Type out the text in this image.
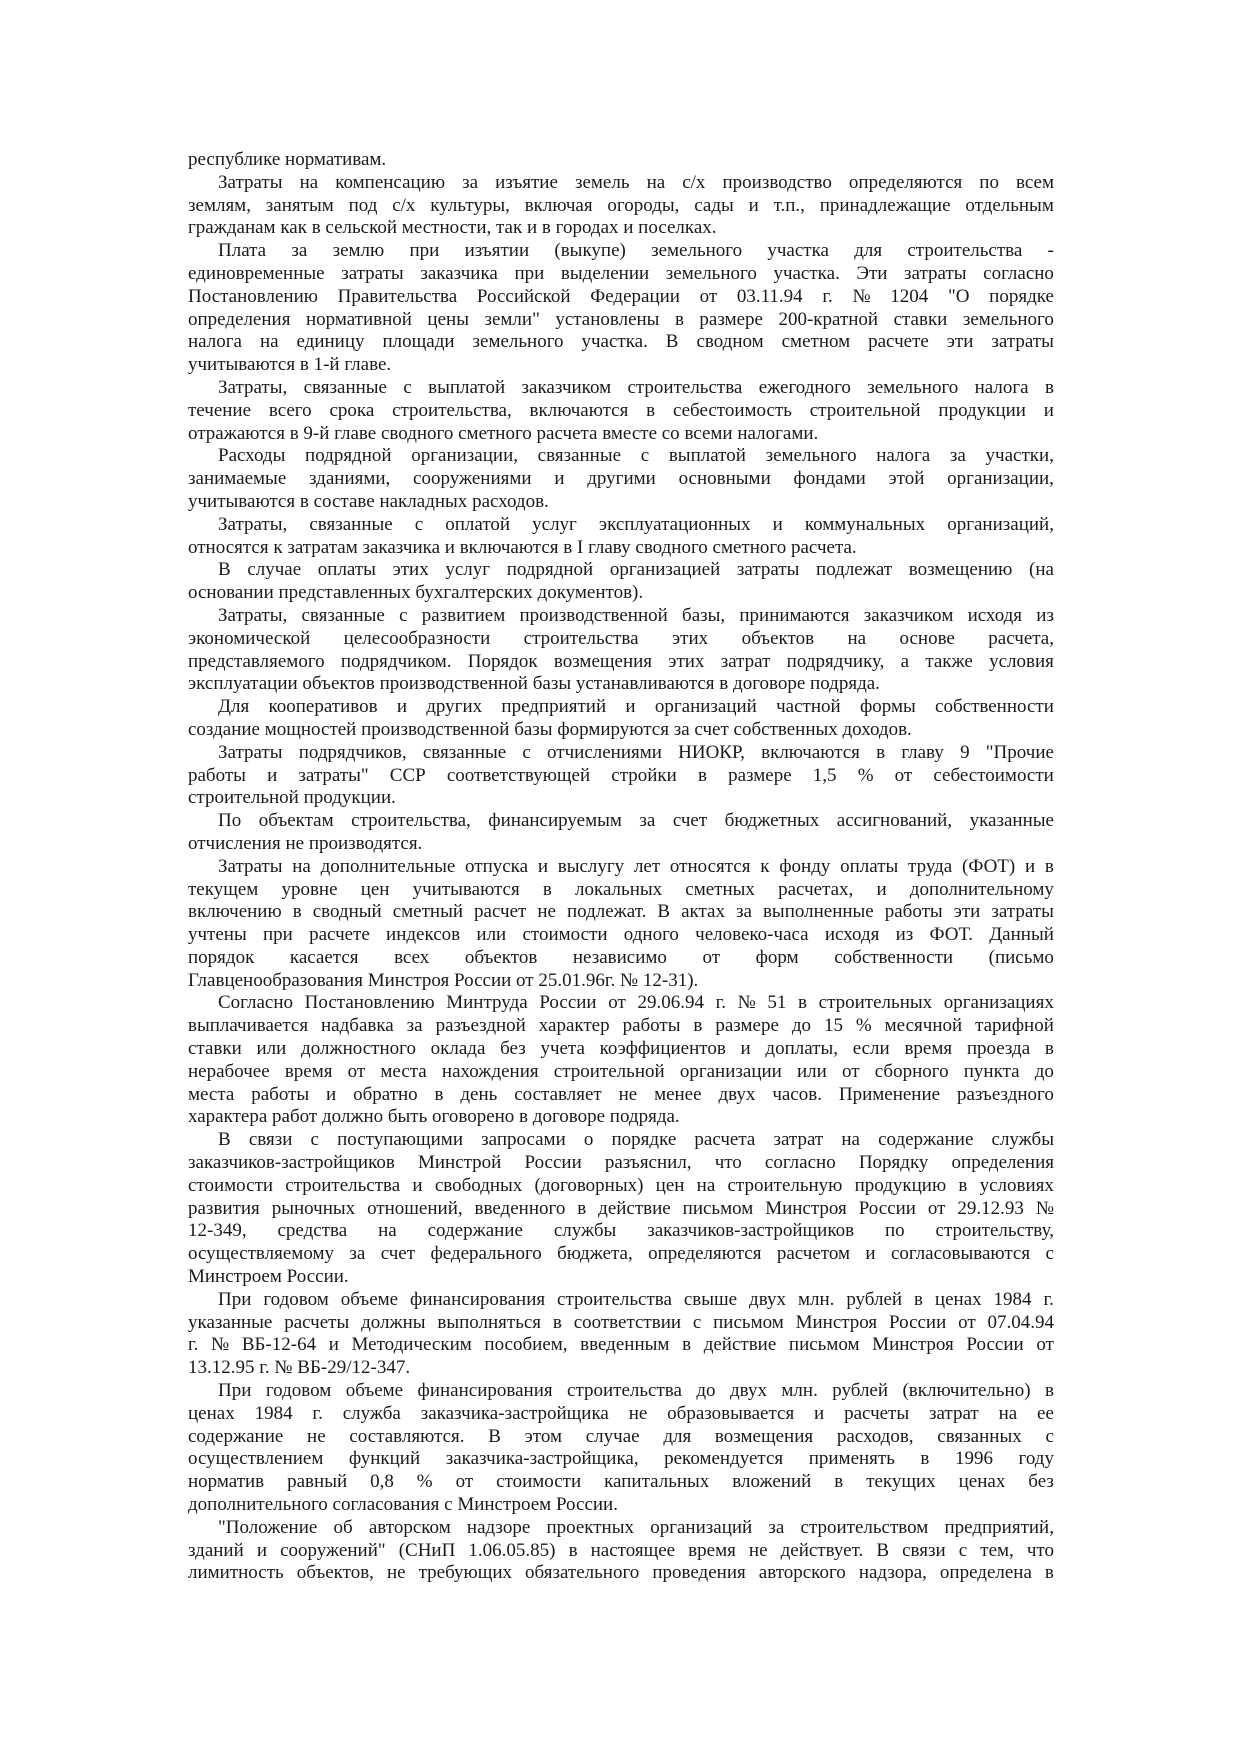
республике нормативам.
Затраты на компенсацию за изъятие земель на с/х производство определяются по всем
землям, занятым под с/х культуры, включая огороды, сады и т.п., принадлежащие отдельным
гражданам как в сельской местности, так и в городах и поселках.
Плата за землю при изъятии (выкупе) земельного участка для строительства -
единовременные затраты заказчика при выделении земельного участка. Эти затраты согласно
Постановлению Правительства Российской Федерации от 03.11.94 г. № 1204 "О порядке
определения нормативной цены земли" установлены в размере 200-кратной ставки земельного
налога на единицу площади земельного участка. В сводном сметном расчете эти затраты
учитываются в 1-й главе.
Затраты, связанные с выплатой заказчиком строительства ежегодного земельного налога в
течение всего срока строительства, включаются в себестоимость строительной продукции и
отражаются в 9-й главе сводного сметного расчета вместе со всеми налогами.
Расходы подрядной организации, связанные с выплатой земельного налога за участки,
занимаемые зданиями, сооружениями и другими основными фондами этой организации,
учитываются в составе накладных расходов.
Затраты, связанные с оплатой услуг эксплуатационных и коммунальных организаций,
относятся к затратам заказчика и включаются в I главу сводного сметного расчета.
В случае оплаты этих услуг подрядной организацией затраты подлежат возмещению (на
основании представленных бухгалтерских документов).
Затраты, связанные с развитием производственной базы, принимаются заказчиком исходя из
экономической целесообразности строительства этих объектов на основе расчета,
представляемого подрядчиком. Порядок возмещения этих затрат подрядчику, а также условия
эксплуатации объектов производственной базы устанавливаются в договоре подряда.
Для кооперативов и других предприятий и организаций частной формы собственности
создание мощностей производственной базы формируются за счет собственных доходов.
Затраты подрядчиков, связанные с отчислениями НИОКР, включаются в главу 9 "Прочие
работы и затраты" ССР соответствующей стройки в размере 1,5 % от себестоимости
строительной продукции.
По объектам строительства, финансируемым за счет бюджетных ассигнований, указанные
отчисления не производятся.
Затраты на дополнительные отпуска и выслугу лет относятся к фонду оплаты труда (ФОТ) и в
текущем уровне цен учитываются в локальных сметных расчетах, и дополнительному
включению в сводный сметный расчет не подлежат. В актах за выполненные работы эти затраты
учтены при расчете индексов или стоимости одного человеко-часа исходя из ФОТ. Данный
порядок касается всех объектов независимо от форм собственности (письмо
Главценообразования Минстроя России от 25.01.96г. № 12-31).
Согласно Постановлению Минтруда России от 29.06.94 г. № 51 в строительных организациях
выплачивается надбавка за разъездной характер работы в размере до 15 % месячной тарифной
ставки или должностного оклада без учета коэффициентов и доплаты, если время проезда в
нерабочее время от места нахождения строительной организации или от сборного пункта до
места работы и обратно в день составляет не менее двух часов. Применение разъездного
характера работ должно быть оговорено в договоре подряда.
В связи с поступающими запросами о порядке расчета затрат на содержание службы
заказчиков-застройщиков Минстрой России разъяснил, что согласно Порядку определения
стоимости строительства и свободных (договорных) цен на строительную продукцию в условиях
развития рыночных отношений, введенного в действие письмом Минстроя России от 29.12.93 №
12-349, средства на содержание службы заказчиков-застройщиков по строительству,
осуществляемому за счет федерального бюджета, определяются расчетом и согласовываются с
Минстроем России.
При годовом объеме финансирования строительства свыше двух млн. рублей в ценах 1984 г.
указанные расчеты должны выполняться в соответствии с письмом Минстроя России от 07.04.94
г. № ВБ-12-64 и Методическим пособием, введенным в действие письмом Минстроя России от
13.12.95 г. № ВБ-29/12-347.
При годовом объеме финансирования строительства до двух млн. рублей (включительно) в
ценах 1984 г. служба заказчика-застройщика не образовывается и расчеты затрат на ее
содержание не составляются. В этом случае для возмещения расходов, связанных с
осуществлением функций заказчика-застройщика, рекомендуется применять в 1996 году
норматив равный 0,8 % от стоимости капитальных вложений в текущих ценах без
дополнительного согласования с Минстроем России.
"Положение об авторском надзоре проектных организаций за строительством предприятий,
зданий и сооружений" (СНиП 1.06.05.85) в настоящее время не действует. В связи с тем, что
лимитность объектов, не требующих обязательного проведения авторского надзора, определена в
